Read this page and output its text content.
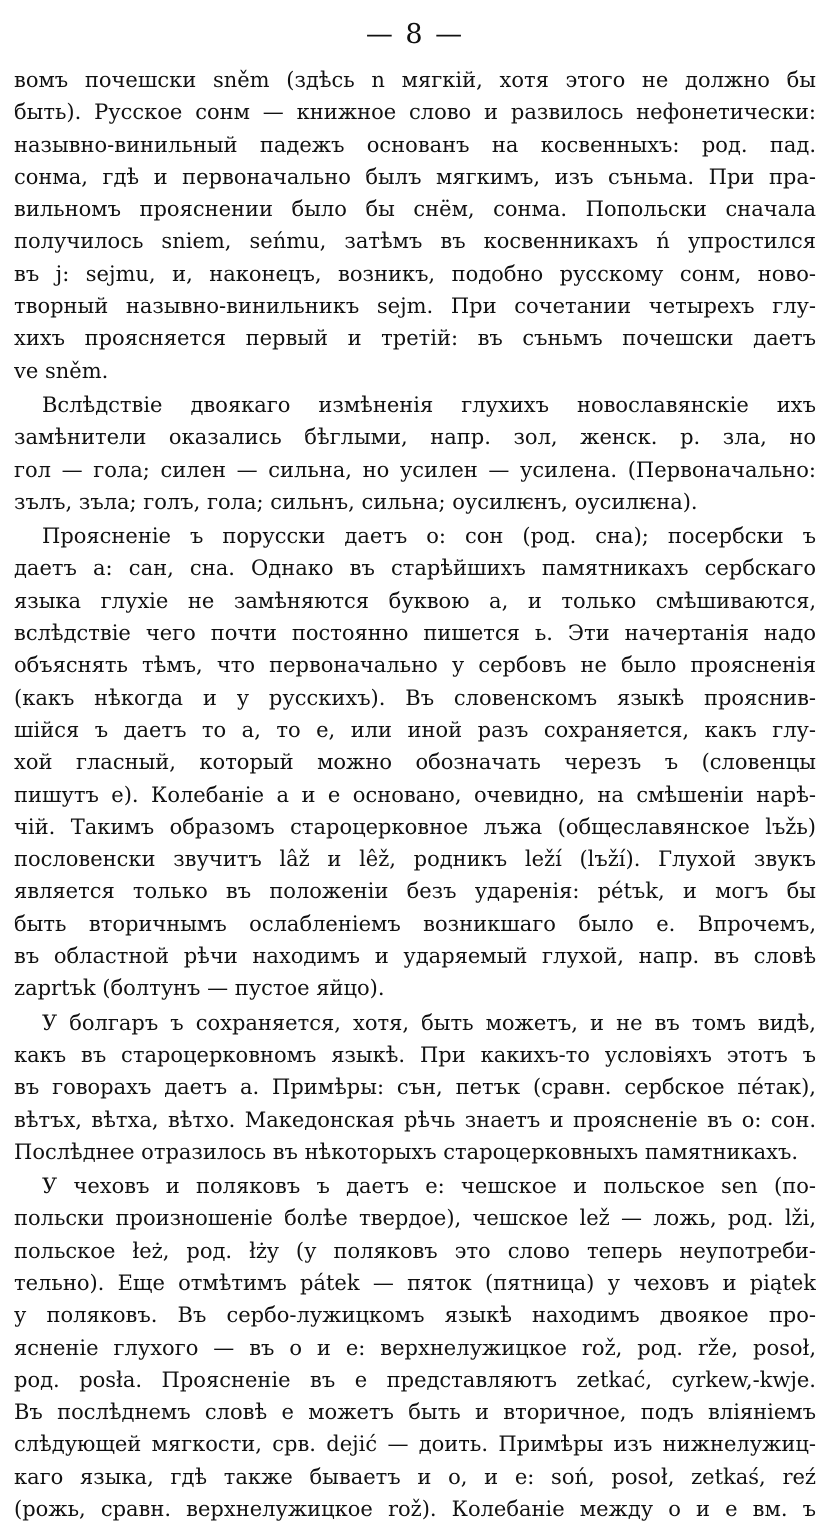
— 8 —
вомъ почешски sněm (здѣсь n мягкій, хотя этого не должно бы
быть). Русское сонм — книжное слово и развилось нефонетически:
назывно-винильный падежъ основанъ на косвенныхъ: род. пад.
сонма, гдѣ и первоначально былъ мягкимъ, изъ съньма. При пра-
вильномъ прояснении было бы снём, сонма. Попольски сначала
получилось sniem, sеńmu, затѣмъ въ косвенникахъ ń упростился
въ j: sеjmu, и, наконецъ, возникъ, подобно русскому сонм, ново-
творный назывно-винильникъ sеjm. При сочетании четырехъ глу-
хихъ проясняется первый и третій: въ съньмъ почешски даетъ
ve sněm.
Вслѣдствіе двоякаго измѣненія глухихъ новославянскіе ихъ
замѣнители оказались бѣглыми, напр. зол, женск. р. зла, но
гол — гола; силен — сильна, но усилен — усилена. (Первоначально:
зълъ, зъла; голъ, гола; сильнъ, сильна; оусилѥнъ, оусилѥна).
Проясненіе ъ порусски даетъ о: сон (род. сна); посербски ъ
даетъ а: сан, сна. Однако въ старѣйшихъ памятникахъ сербскаго
языка глухіе не замѣняются буквою а, и только смѣшиваются,
вслѣдствіе чего почти постоянно пишется ь. Эти начертанія надо
объяснять тѣмъ, что первоначально у сербовъ не было проясненія
(какъ нѣкогда и у русскихъ). Въ словенскомъ языкѣ прояснив-
шійся ъ даетъ то а, то е, или иной разъ сохраняется, какъ глу-
хой гласный, который можно обозначать черезъ ъ (словенцы
пишутъ е). Колебаніе а и е основано, очевидно, на смѣшеніи нарѣ-
чій. Такимъ образомъ староцерковное лъжа (общеславянское lъžь)
пословенски звучитъ lâž и lêž, родникъ leží (lъží). Глухой звукъ
является только въ положеніи безъ ударенія: pétъk, и могъ бы
быть вторичнымъ ослабленіемъ возникшаго было е. Впрочемъ,
въ областной рѣчи находимъ и ударяемый глухой, напр. въ словѣ
zaprtъk (болтунъ — пустое яйцо).
У болгаръ ъ сохраняется, хотя, быть можетъ, и не въ томъ видѣ,
какъ въ староцерковномъ языкѣ. При какихъ-то условіяхъ этотъ ъ
въ говорахъ даетъ а. Примѣры: сън, петък (сравн. сербское пéтак),
вѣтъх, вѣтха, вѣтхо. Македонская рѣчь знаетъ и проясненіе въ о: сон.
Послѣднее отразилось въ нѣкоторыхъ староцерковныхъ памятникахъ.
У чеховъ и поляковъ ъ даетъ е: чешское и польское sen (по-
польски произношеніе болѣе твердое), чешское lež — ложь, род. lži,
польское łeż, род. łży (у поляковъ это слово теперь неупотреби-
тельно). Еще отмѣтимъ pátek — пяток (пятница) у чеховъ и piątek
у поляковъ. Въ сербо-лужицкомъ языкѣ находимъ двоякое про-
ясненіе глухого — въ о и е: верхнелужицкое rož, род. rže, posoł,
род. posła. Проясненіе въ е представляютъ zetkać, cyrkew,-kwje.
Въ послѣднемъ словѣ е можетъ быть и вторичное, подъ вліяніемъ
слѣдующей мягкости, срв. dejić — доить. Примѣры изъ нижнелужиц-
каго языка, гдѣ также бываетъ и о, и е: soń, posoł, zetkaś, reź
(рожь, сравн. верхнелужицкое rož). Колебаніе между о и е вм. ъ
